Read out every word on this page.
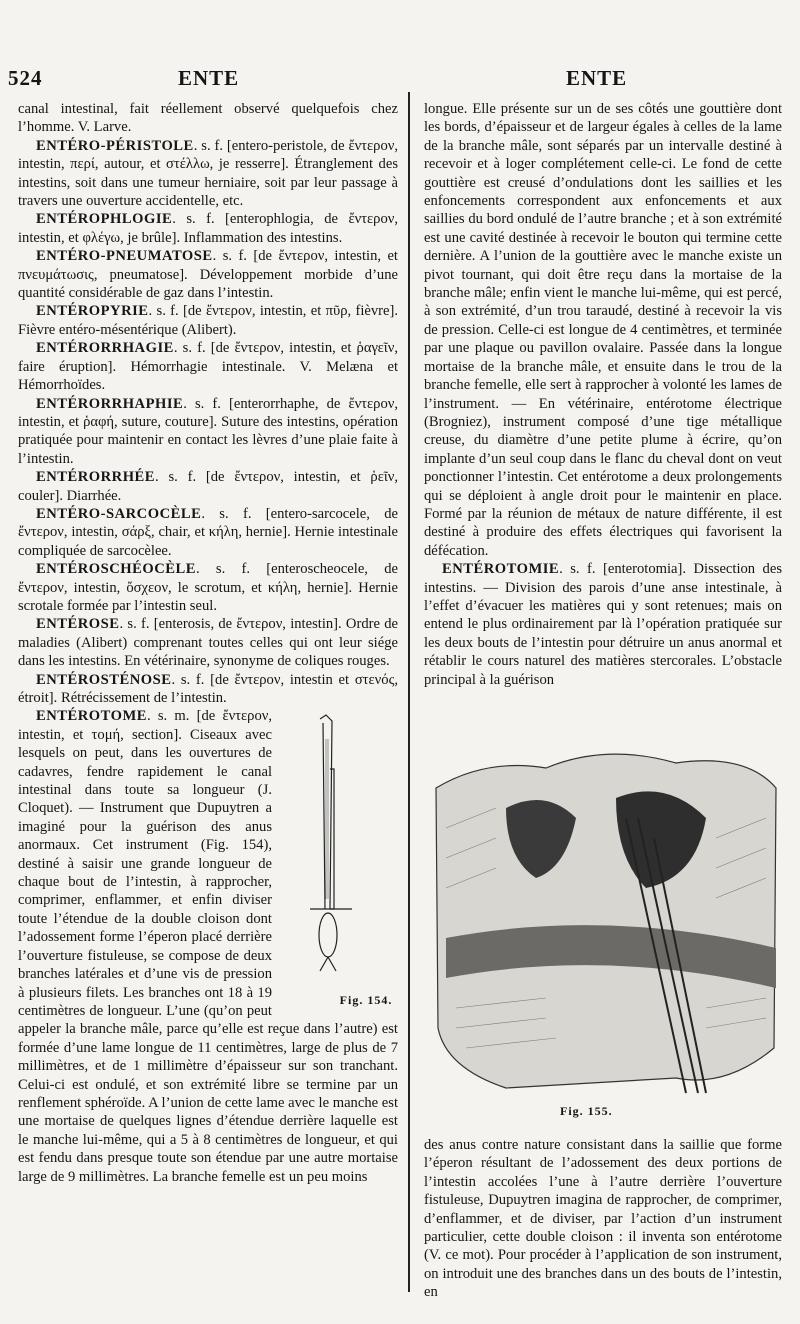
524	ENTE	ENTE

canal intestinal, fait réellement observé quelquefois chez l’homme. V. Larve.

ENTÉRO-PÉRISTOLE. s. f. [entero-peristole, de ἔντερον, intestin, περί, autour, et στέλλω, je resserre]. Étranglement des intestins, soit dans une tumeur herniaire, soit par leur passage à travers une ouverture accidentelle, etc.

ENTÉROPHLOGIE. s. f. [enterophlogia, de ἔντερον, intestin, et φλέγω, je brûle]. Inflammation des intestins.

ENTÉRO-PNEUMATOSE. s. f. [de ἔντερον, intestin, et πνευμάτωσις, pneumatose]. Développement morbide d’une quantité considérable de gaz dans l’intestin.

ENTÉROPYRIE. s. f. [de ἔντερον, intestin, et πῦρ, fièvre]. Fièvre entéro-mésentérique (Alibert).

ENTÉRORRHAGIE. s. f. [de ἔντερον, intestin, et ῥαγεῖν, faire éruption]. Hémorrhagie intestinale. V. Melæna et Hémorrhoïdes.

ENTÉRORRHAPHIE. s. f. [enterorrhaphe, de ἔντερον, intestin, et ῥαφή, suture, couture]. Suture des intestins, opération pratiquée pour maintenir en contact les lèvres d’une plaie faite à l’intestin.

ENTÉRORRHÉE. s. f. [de ἔντερον, intestin, et ῥεῖν, couler]. Diarrhée.

ENTÉRO-SARCOCÈLE. s. f. [entero-sarcocele, de ἔντερον, intestin, σάρξ, chair, et κήλη, hernie]. Hernie intestinale compliquée de sarcocèlee.

ENTÉROSCHÉOCÈLE. s. f. [enteroscheocele, de ἔντερον, intestin, ὄσχεον, le scrotum, et κήλη, hernie]. Hernie scrotale formée par l’intestin seul.

ENTÉROSE. s. f. [enterosis, de ἔντερον, intestin]. Ordre de maladies (Alibert) comprenant toutes celles qui ont leur siége dans les intestins. En vétérinaire, synonyme de coliques rouges.

ENTÉROSTÉNOSE. s. f. [de ἔντερον, intestin et στενός, étroit]. Rétrécissement de l’intestin.

Fig. 154.
ENTÉROTOME. s. m. [de ἔντερον, intestin, et τομή, section]. Ciseaux avec lesquels on peut, dans les ouvertures de cadavres, fendre rapidement le canal intestinal dans toute sa longueur (J. Cloquet). — Instrument que Dupuytren a imaginé pour la guérison des anus anormaux. Cet instrument (Fig. 154), destiné à saisir une grande longueur de chaque bout de l’intestin, à rapprocher, comprimer, enflammer, et enfin diviser toute l’étendue de la double cloison dont l’adossement forme l’éperon placé derrière l’ouverture fistuleuse, se compose de deux branches latérales et d’une vis de pression à plusieurs filets. Les branches ont 18 à 19 centimètres de longueur. L’une (qu’on peut appeler la branche mâle, parce qu’elle est reçue dans l’autre) est formée d’une lame longue de 11 centimètres, large de plus de 7 millimètres, et de 1 millimètre d’épaisseur sur son tranchant. Celui-ci est ondulé, et son extrémité libre se termine par un renflement sphéroïde. A l’union de cette lame avec le manche est une mortaise de quelques lignes d’étendue derrière laquelle est le manche lui-même, qui a 5 à 8 centimètres de longueur, et qui est fendu dans presque toute son étendue par une autre mortaise large de 9 millimètres. La branche femelle est un peu moins

longue. Elle présente sur un de ses côtés une gouttière dont les bords, d’épaisseur et de largeur égales à celles de la lame de la branche mâle, sont séparés par un intervalle destiné à recevoir et à loger complétement celle-ci. Le fond de cette gouttière est creusé d’ondulations dont les saillies et les enfoncements correspondent aux enfoncements et aux saillies du bord ondulé de l’autre branche ; et à son extrémité est une cavité destinée à recevoir le bouton qui termine cette dernière. A l’union de la gouttière avec le manche existe un pivot tournant, qui doit être reçu dans la mortaise de la branche mâle; enfin vient le manche lui-même, qui est percé, à son extrémité, d’un trou taraudé, destiné à recevoir la vis de pression. Celle-ci est longue de 4 centimètres, et terminée par une plaque ou pavillon ovalaire. Passée dans la longue mortaise de la branche mâle, et ensuite dans le trou de la branche femelle, elle sert à rapprocher à volonté les lames de l’instrument. — En vétérinaire, entérotome électrique (Brogniez), instrument composé d’une tige métallique creuse, du diamètre d’une petite plume à écrire, qu’on implante d’un seul coup dans le flanc du cheval dont on veut ponctionner l’intestin. Cet entérotome a deux prolongements qui se déploient à angle droit pour le maintenir en place. Formé par la réunion de métaux de nature différente, il est destiné à produire des effets électriques qui favorisent la défécation.

ENTÉROTOMIE. s. f. [enterotomia]. Dissection des intestins. — Division des parois d’une anse intestinale, à l’effet d’évacuer les matières qui y sont retenues; mais on entend le plus ordinairement par là l’opération pratiquée sur les deux bouts de l’intestin pour détruire un anus anormal et rétablir le cours naturel des matières stercorales. L’obstacle principal à la guérison

Fig. 155.

des anus contre nature consistant dans la saillie que forme l’éperon résultant de l’adossement des deux portions de l’intestin accolées l’une à l’autre derrière l’ouverture fistuleuse, Dupuytren imagina de rapprocher, de comprimer, d’enflammer, et de diviser, par l’action d’un instrument particulier, cette double cloison : il inventa son entérotome (V. ce mot). Pour procéder à l’application de son instrument, on introduit une des branches dans un des bouts de l’intestin, en
